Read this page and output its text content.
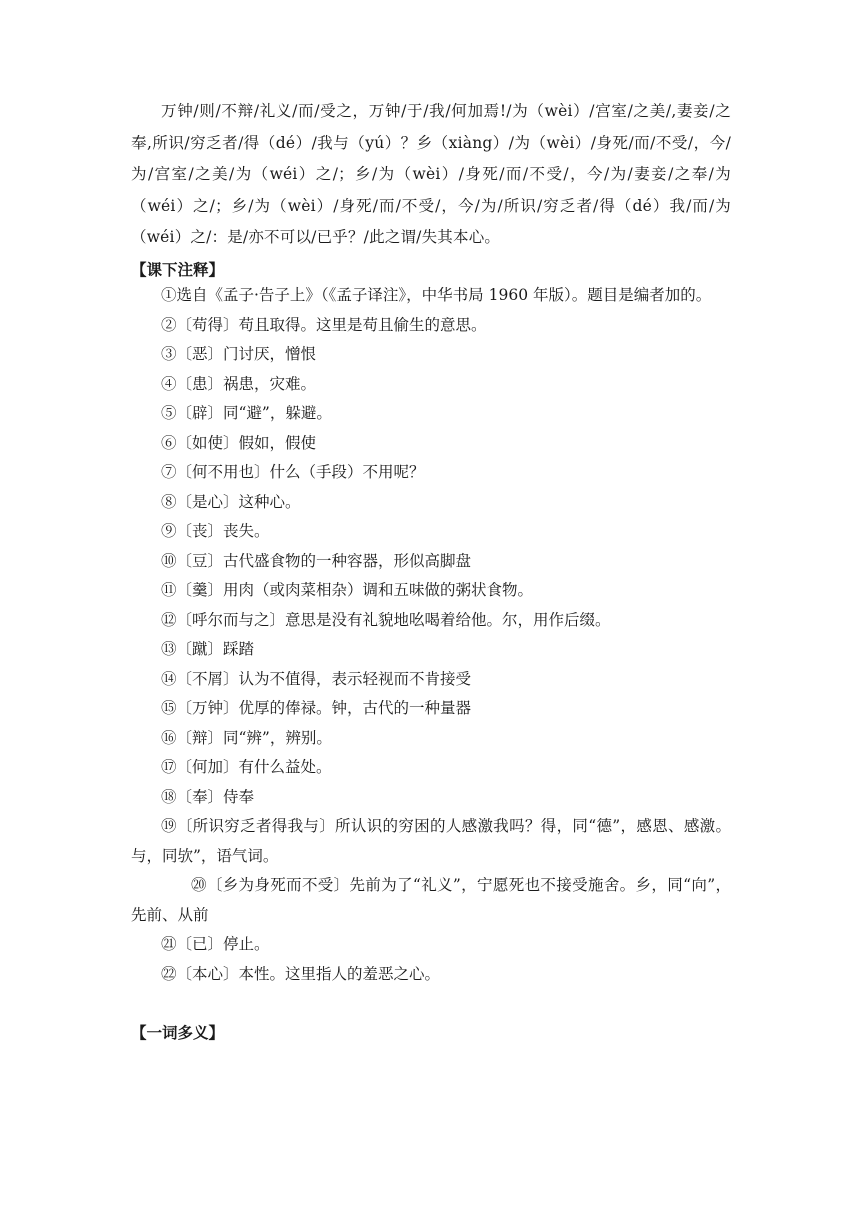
万钟/则/不辩/礼义/而/受之，万钟/于/我/何加焉!/为（wèi）/宫室/之美/,妻妾/之奉,所识/穷乏者/得（dé）/我与（yú）？乡（xiàng）/为（wèi）/身死/而/不受/，今/为/宫室/之美/为（wéi）之/；乡/为（wèi）/身死/而/不受/，今/为/妻妾/之奉/为（wéi）之/；乡/为（wèi）/身死/而/不受/，今/为/所识/穷乏者/得（dé）我/而/为（wéi）之/：是/亦不可以/已乎？/此之谓/失其本心。

【课下注释】

①选自《孟子·告子上》（《孟子译注》，中华书局 1960 年版）。题目是编者加的。

②〔苟得〕苟且取得。这里是苟且偷生的意思。

③〔恶〕门讨厌，憎恨

④〔患〕祸患，灾难。

⑤〔辟〕同“避”，躲避。

⑥〔如使〕假如，假使

⑦〔何不用也〕什么（手段）不用呢？

⑧〔是心〕这种心。

⑨〔丧〕丧失。

⑩〔豆〕古代盛食物的一种容器，形似高脚盘

⑪〔羹〕用肉（或肉菜相杂）调和五味做的粥状食物。

⑫〔呼尔而与之〕意思是没有礼貌地吆喝着给他。尔，用作后缀。

⑬〔蹴〕踩踏

⑭〔不屑〕认为不值得，表示轻视而不肯接受

⑮〔万钟〕优厚的俸禄。钟，古代的一种量器

⑯〔辩〕同“辨”，辨别。

⑰〔何加〕有什么益处。

⑱〔奉〕侍奉

⑲〔所识穷乏者得我与〕所认识的穷困的人感激我吗？得，同“德”，感恩、感激。与，同欤”，语气词。

⑳〔乡为身死而不受〕先前为了“礼义”，宁愿死也不接受施舍。乡，同“向”，先前、从前

㉑〔已〕停止。

㉒〔本心〕本性。这里指人的羞恶之心。

【一词多义】
